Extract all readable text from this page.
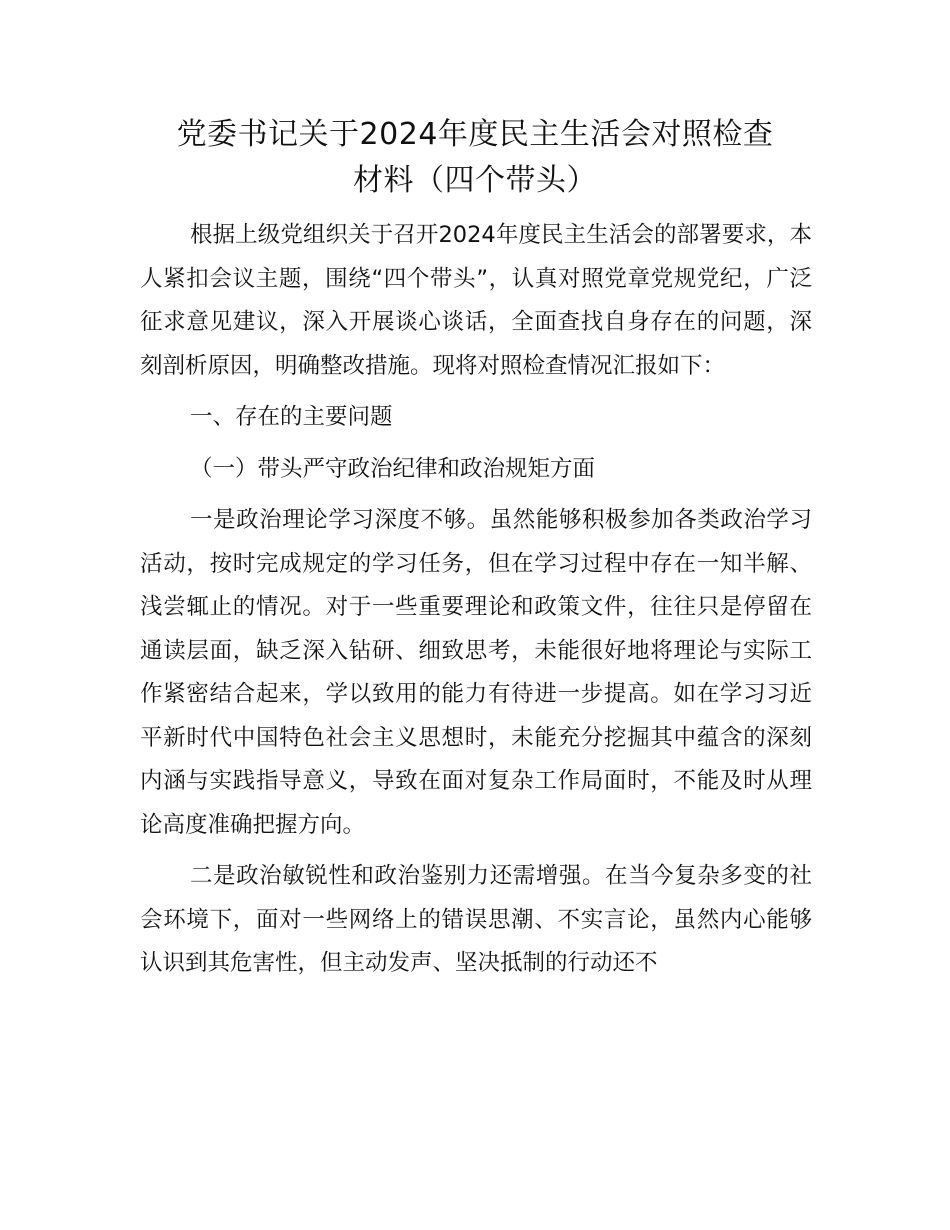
党委书记关于2024年度民主生活会对照检查
材料（四个带头）

根据上级党组织关于召开2024年度民主生活会的部署要求，本人紧扣会议主题，围绕“四个带头”，认真对照党章党规党纪，广泛征求意见建议，深入开展谈心谈话，全面查找自身存在的问题，深刻剖析原因，明确整改措施。现将对照检查情况汇报如下：

一、存在的主要问题

（一）带头严守政治纪律和政治规矩方面

一是政治理论学习深度不够。虽然能够积极参加各类政治学习活动，按时完成规定的学习任务，但在学习过程中存在一知半解、浅尝辄止的情况。对于一些重要理论和政策文件，往往只是停留在通读层面，缺乏深入钻研、细致思考，未能很好地将理论与实际工作紧密结合起来，学以致用的能力有待进一步提高。如在学习习近平新时代中国特色社会主义思想时，未能充分挖掘其中蕴含的深刻内涵与实践指导意义，导致在面对复杂工作局面时，不能及时从理论高度准确把握方向。

二是政治敏锐性和政治鉴别力还需增强。在当今复杂多变的社会环境下，面对一些网络上的错误思潮、不实言论，虽然内心能够认识到其危害性，但主动发声、坚决抵制的行动还不
